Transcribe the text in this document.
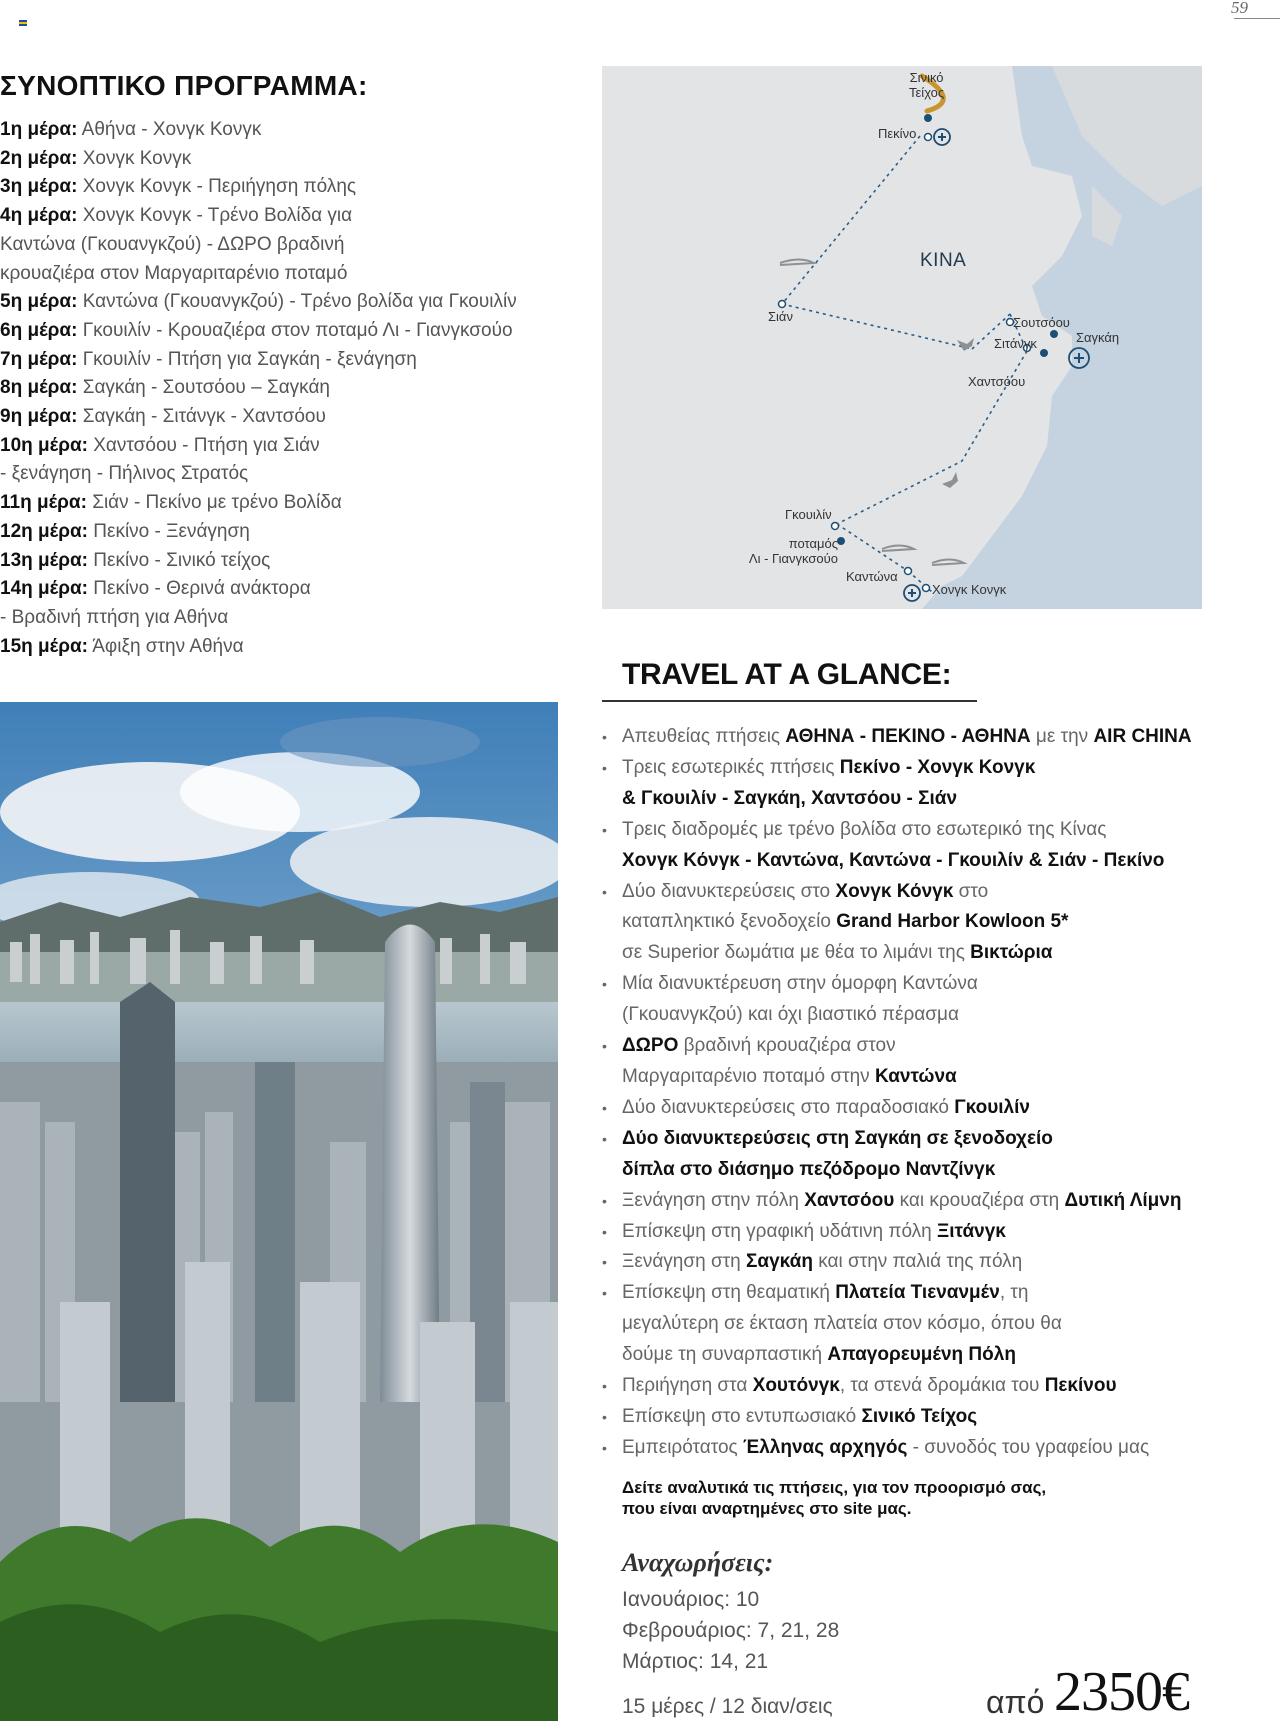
59
ΣΥΝΟΠΤΙΚΟ ΠΡΟΓΡΑΜΜΑ:
1η μέρα: Αθήνα - Χονγκ Κονγκ
2η μέρα: Χονγκ Κονγκ
3η μέρα: Χονγκ Κονγκ - Περιήγηση πόλης
4η μέρα: Χονγκ Κονγκ - Τρένο Βολίδα για
Καντώνα (Γκουανγκζού) - ΔΩΡΟ βραδινή
κρουαζιέρα στον Μαργαριταρένιο ποταμό
5η μέρα: Καντώνα (Γκουανγκζού) - Τρένο βολίδα για Γκουιλίν
6η μέρα: Γκουιλίν - Κρουαζιέρα στον ποταμό Λι - Γιανγκσούο
7η μέρα: Γκουιλίν - Πτήση για Σαγκάη - ξενάγηση
8η μέρα: Σαγκάη - Σουτσόου – Σαγκάη
9η μέρα: Σαγκάη - Σιτάνγκ - Χαντσόου
10η μέρα: Χαντσόου - Πτήση για Σιάν
- ξενάγηση - Πήλινος Στρατός
11η μέρα: Σιάν - Πεκίνο με τρένο Βολίδα
12η μέρα: Πεκίνο - Ξενάγηση
13η μέρα: Πεκίνο - Σινικό τείχος
14η μέρα: Πεκίνο - Θερινά ανάκτορα
- Βραδινή πτήση για Αθήνα
15η μέρα: Άφιξη στην Αθήνα
Σινικό
Τείχος
Πεκίνο
ΚΙΝΑ
Σιάν	Σουτσόου
Σαγκάη
Σιτάνγκ
Χαντσόου
Γκουιλίν
ποταμός
Λι - Γιανγκσούο
Καντώνα
Χονγκ Κονγκ
TRAVEL AT A GLANCE:
• Απευθείας πτήσεις ΑΘΗΝΑ - ΠΕΚΙΝΟ - ΑΘΗΝΑ με την AIR CHINA
• Τρεις εσωτερικές πτήσεις Πεκίνο - Χονγκ Κονγκ
& Γκουιλίν - Σαγκάη, Χαντσόου - Σιάν
• Τρεις διαδρομές με τρένο βολίδα στο εσωτερικό της Κίνας
Χονγκ Κόνγκ - Καντώνα, Καντώνα - Γκουιλίν & Σιάν - Πεκίνο
• Δύο διανυκτερεύσεις στο Χονγκ Κόνγκ στο
καταπληκτικό ξενοδοχείο Grand Harbor Kowloon 5*
σε Superior δωμάτια με θέα το λιμάνι της Βικτώρια
• Μία διανυκτέρευση στην όμορφη Καντώνα
(Γκουανγκζού) και όχι βιαστικό πέρασμα
• ΔΩΡΟ βραδινή κρουαζιέρα στον
Μαργαριταρένιο ποταμό στην Καντώνα
• Δύο διανυκτερεύσεις στο παραδοσιακό Γκουιλίν
• Δύο διανυκτερεύσεις στη Σαγκάη σε ξενοδοχείο
δίπλα στο διάσημο πεζόδρομο Ναντζίνγκ
• Ξενάγηση στην πόλη Χαντσόου και κρουαζιέρα στη Δυτική Λίμνη
• Επίσκεψη στη γραφική υδάτινη πόλη Ξιτάνγκ
• Ξενάγηση στη Σαγκάη και στην παλιά της πόλη
• Επίσκεψη στη θεαματική Πλατεία Τιενανμέν, τη
μεγαλύτερη σε έκταση πλατεία στον κόσμο, όπου θα
δούμε τη συναρπαστική Απαγορευμένη Πόλη
• Περιήγηση στα Χουτόνγκ, τα στενά δρομάκια του Πεκίνου
• Επίσκεψη στο εντυπωσιακό Σινικό Τείχος
• Εμπειρότατος Έλληνας αρχηγός - συνοδός του γραφείου μας

Δείτε αναλυτικά τις πτήσεις, για τον προορισμό σας,
που είναι αναρτημένες στο site μας.

Αναχωρήσεις:
Ιανουάριος: 10
Φεβρουάριος: 7, 21, 28
Μάρτιος: 14, 21
15 μέρες / 12 διαν/σεις	από 2350€
